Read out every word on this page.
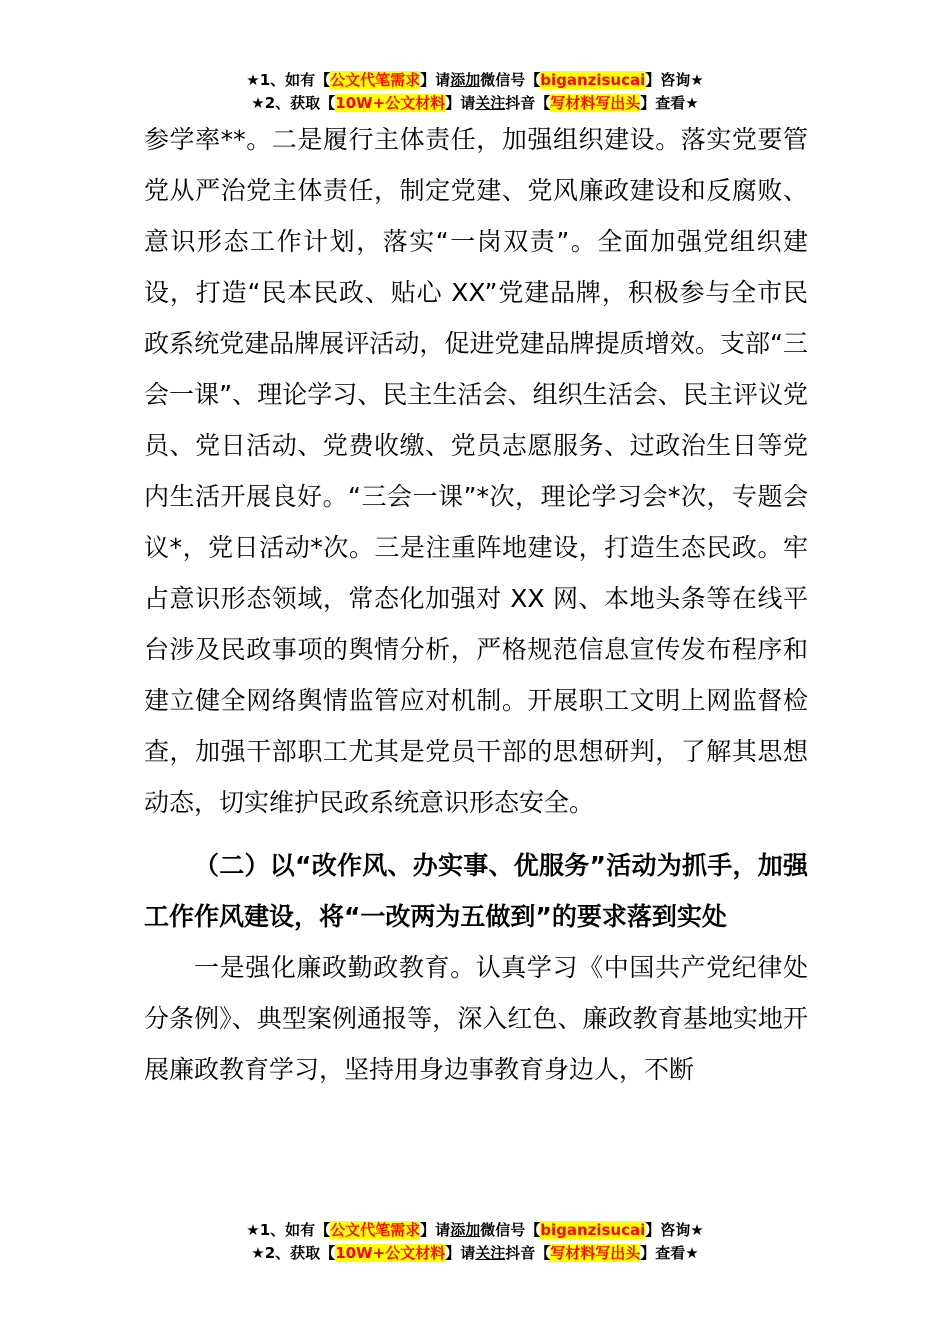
★1、如有【公文代笔需求】请添加微信号【biganzisucai】咨询★
★2、获取【10W+公文材料】请关注抖音【写材料写出头】查看★

参学率**。二是履行主体责任，加强组织建设。落实党要管党从严治党主体责任，制定党建、党风廉政建设和反腐败、意识形态工作计划，落实“一岗双责”。全面加强党组织建设，打造“民本民政、贴心 XX”党建品牌，积极参与全市民政系统党建品牌展评活动，促进党建品牌提质增效。支部“三会一课”、理论学习、民主生活会、组织生活会、民主评议党员、党日活动、党费收缴、党员志愿服务、过政治生日等党内生活开展良好。“三会一课”*次，理论学习会*次，专题会议*，党日活动*次。三是注重阵地建设，打造生态民政。牢占意识形态领域，常态化加强对 XX 网、本地头条等在线平台涉及民政事项的舆情分析，严格规范信息宣传发布程序和建立健全网络舆情监管应对机制。开展职工文明上网监督检查，加强干部职工尤其是党员干部的思想研判，了解其思想动态，切实维护民政系统意识形态安全。

（二）以“改作风、办实事、优服务”活动为抓手，加强工作作风建设，将“一改两为五做到”的要求落到实处

一是强化廉政勤政教育。认真学习《中国共产党纪律处分条例》、典型案例通报等，深入红色、廉政教育基地实地开展廉政教育学习，坚持用身边事教育身边人，不断

★1、如有【公文代笔需求】请添加微信号【biganzisucai】咨询★
★2、获取【10W+公文材料】请关注抖音【写材料写出头】查看★
